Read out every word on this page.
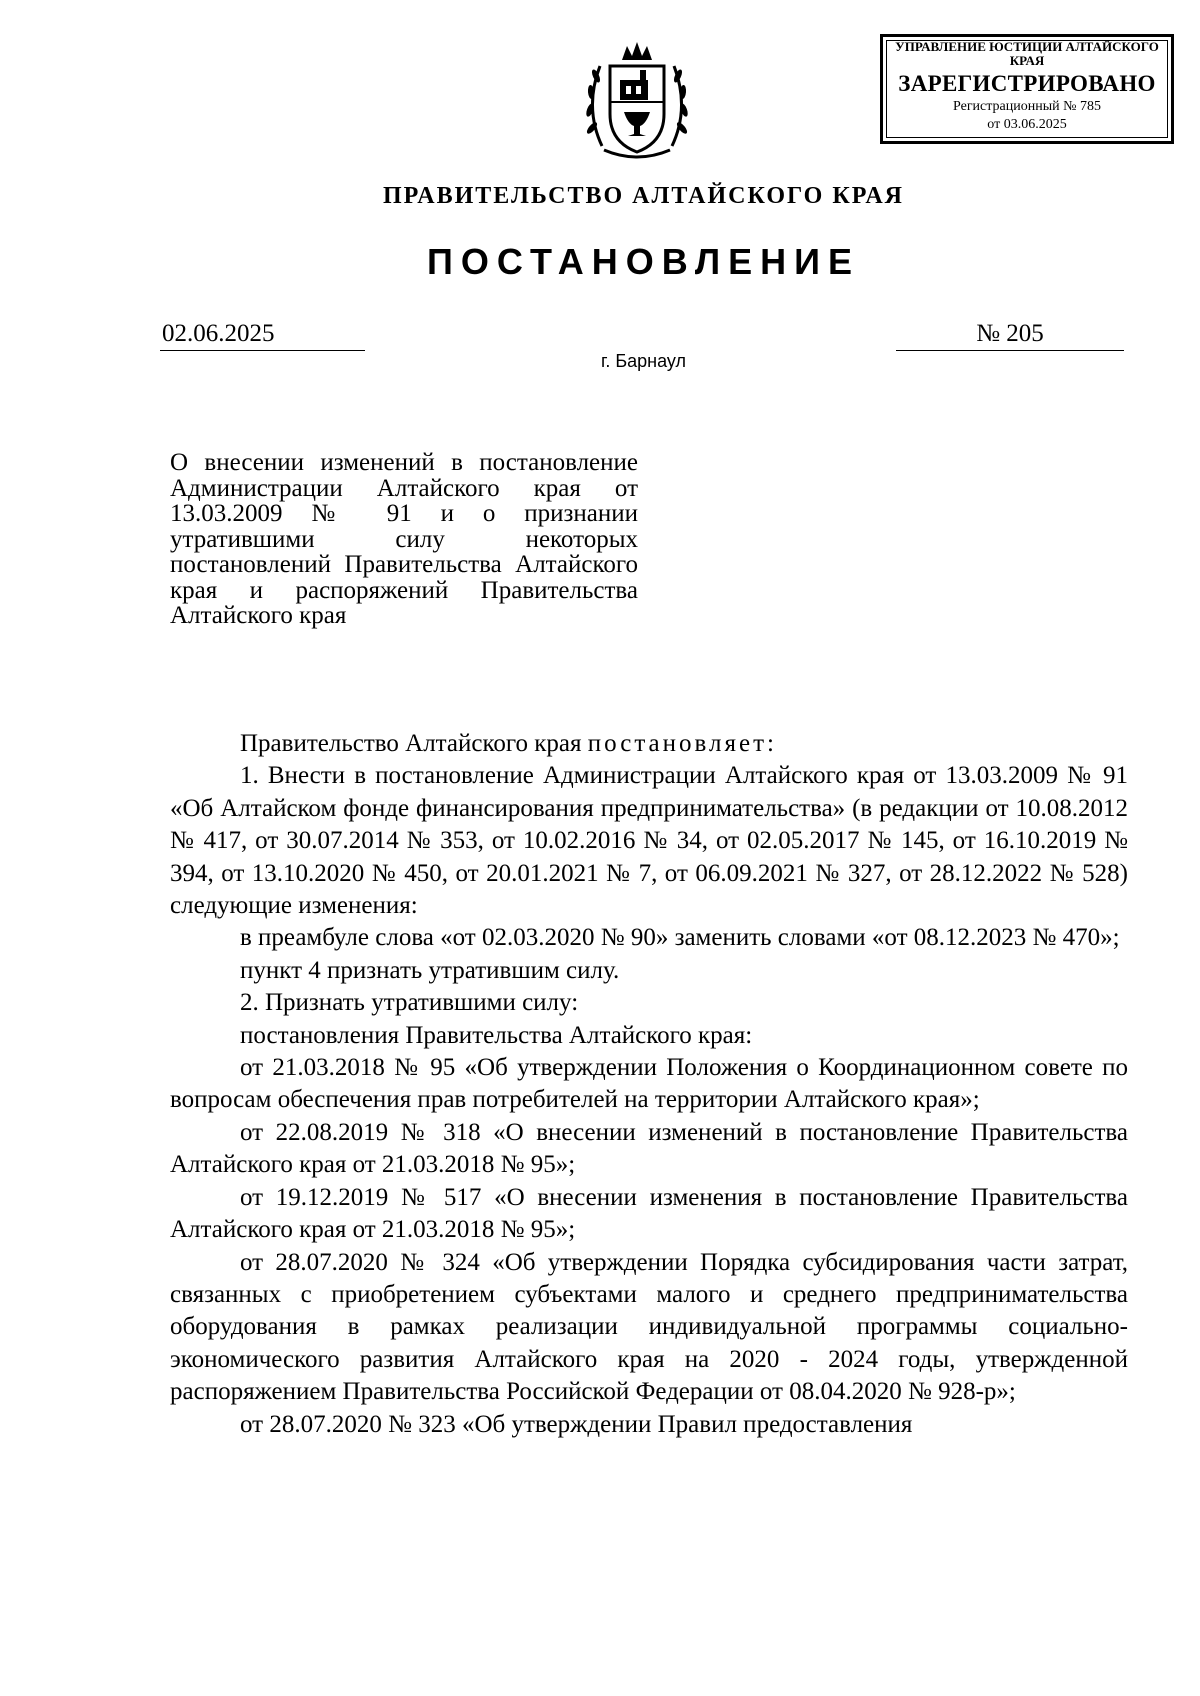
УПРАВЛЕНИЕ ЮСТИЦИИ АЛТАЙСКОГО КРАЯ
ЗАРЕГИСТРИРОВАНО
Регистрационный № 785
от 03.06.2025
ПРАВИТЕЛЬСТВО АЛТАЙСКОГО КРАЯ
ПОСТАНОВЛЕНИЕ
02.06.2025	№ 205
г. Барнаул

О внесении изменений в постановление Администрации Алтайского края от 13.03.2009 № 91 и о признании утратившими силу некоторых постановлений Правительства Алтайского края и распоряжений Правительства Алтайского края

Правительство Алтайского края постановляет:

1. Внести в постановление Администрации Алтайского края от 13.03.2009 № 91 «Об Алтайском фонде финансирования предпринимательства» (в редакции от 10.08.2012 № 417, от 30.07.2014 № 353, от 10.02.2016 № 34, от 02.05.2017 № 145, от 16.10.2019 № 394, от 13.10.2020 № 450, от 20.01.2021 № 7, от 06.09.2021 № 327, от 28.12.2022 № 528) следующие изменения:

в преамбуле слова «от 02.03.2020 № 90» заменить словами «от 08.12.2023 № 470»;

пункт 4 признать утратившим силу.

2. Признать утратившими силу:

постановления Правительства Алтайского края:

от 21.03.2018 № 95 «Об утверждении Положения о Координационном совете по вопросам обеспечения прав потребителей на территории Алтайского края»;

от 22.08.2019 № 318 «О внесении изменений в постановление Правительства Алтайского края от 21.03.2018 № 95»;

от 19.12.2019 № 517 «О внесении изменения в постановление Правительства Алтайского края от 21.03.2018 № 95»;

от 28.07.2020 № 324 «Об утверждении Порядка субсидирования части затрат, связанных с приобретением субъектами малого и среднего предпринимательства оборудования в рамках реализации индивидуальной программы социально-экономического развития Алтайского края на 2020 - 2024 годы, утвержденной распоряжением Правительства Российской Федерации от 08.04.2020 № 928-р»;

от 28.07.2020 № 323 «Об утверждении Правил предоставления
